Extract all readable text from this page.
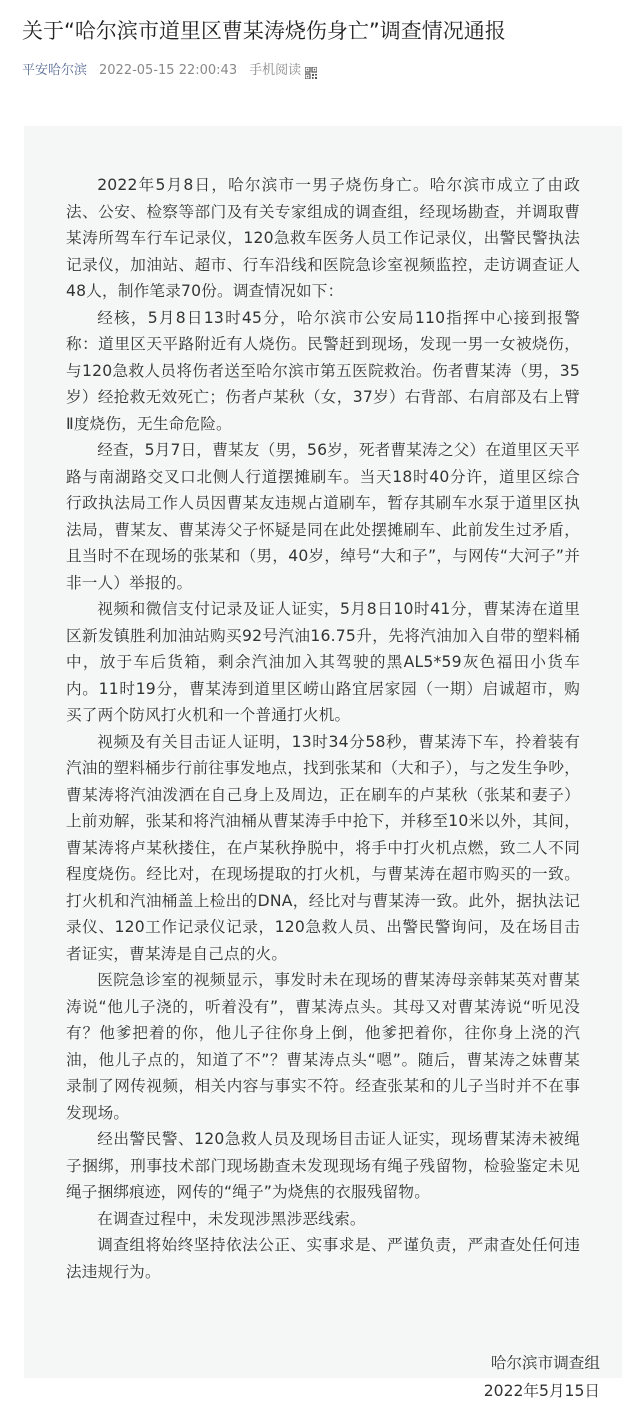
关于“哈尔滨市道里区曹某涛烧伤身亡”调查情况通报
平安哈尔滨 2022-05-15 22:00:43 手机阅读

2022年5月8日，哈尔滨市一男子烧伤身亡。哈尔滨市成立了由政法、公安、检察等部门及有关专家组成的调查组，经现场勘查，并调取曹某涛所驾车行车记录仪，120急救车医务人员工作记录仪，出警民警执法记录仪，加油站、超市、行车沿线和医院急诊室视频监控，走访调查证人48人，制作笔录70份。调查情况如下：

经核，5月8日13时45分，哈尔滨市公安局110指挥中心接到报警称：道里区天平路附近有人烧伤。民警赶到现场，发现一男一女被烧伤，与120急救人员将伤者送至哈尔滨市第五医院救治。伤者曹某涛（男，35岁）经抢救无效死亡；伤者卢某秋（女，37岁）右背部、右肩部及右上臂Ⅱ度烧伤，无生命危险。

经查，5月7日，曹某友（男，56岁，死者曹某涛之父）在道里区天平路与南湖路交叉口北侧人行道摆摊刷车。当天18时40分许，道里区综合行政执法局工作人员因曹某友违规占道刷车，暂存其刷车水泵于道里区执法局，曹某友、曹某涛父子怀疑是同在此处摆摊刷车、此前发生过矛盾，且当时不在现场的张某和（男，40岁，绰号“大和子”，与网传“大河子”并非一人）举报的。

视频和微信支付记录及证人证实，5月8日10时41分，曹某涛在道里区新发镇胜利加油站购买92号汽油16.75升，先将汽油加入自带的塑料桶中，放于车后货箱，剩余汽油加入其驾驶的黑AL5*59灰色福田小货车内。11时19分，曹某涛到道里区崂山路宜居家园（一期）启诚超市，购买了两个防风打火机和一个普通打火机。

视频及有关目击证人证明，13时34分58秒，曹某涛下车，拎着装有汽油的塑料桶步行前往事发地点，找到张某和（大和子），与之发生争吵，曹某涛将汽油泼洒在自己身上及周边，正在刷车的卢某秋（张某和妻子）上前劝解，张某和将汽油桶从曹某涛手中抢下，并移至10米以外，其间，曹某涛将卢某秋搂住，在卢某秋挣脱中，将手中打火机点燃，致二人不同程度烧伤。经比对，在现场提取的打火机，与曹某涛在超市购买的一致。打火机和汽油桶盖上检出的DNA，经比对与曹某涛一致。此外，据执法记录仪、120工作记录仪记录，120急救人员、出警民警询问，及在场目击者证实，曹某涛是自己点的火。

医院急诊室的视频显示，事发时未在现场的曹某涛母亲韩某英对曹某涛说“他儿子浇的，听着没有”，曹某涛点头。其母又对曹某涛说“听见没有？他爹把着的你，他儿子往你身上倒，他爹把着你，往你身上浇的汽油，他儿子点的，知道了不”？曹某涛点头“嗯”。随后，曹某涛之妹曹某录制了网传视频，相关内容与事实不符。经查张某和的儿子当时并不在事发现场。

经出警民警、120急救人员及现场目击证人证实，现场曹某涛未被绳子捆绑，刑事技术部门现场勘查未发现现场有绳子残留物，检验鉴定未见绳子捆绑痕迹，网传的“绳子”为烧焦的衣服残留物。

在调查过程中，未发现涉黑涉恶线索。

调查组将始终坚持依法公正、实事求是、严谨负责，严肃查处任何违法违规行为。

哈尔滨市调查组
2022年5月15日
